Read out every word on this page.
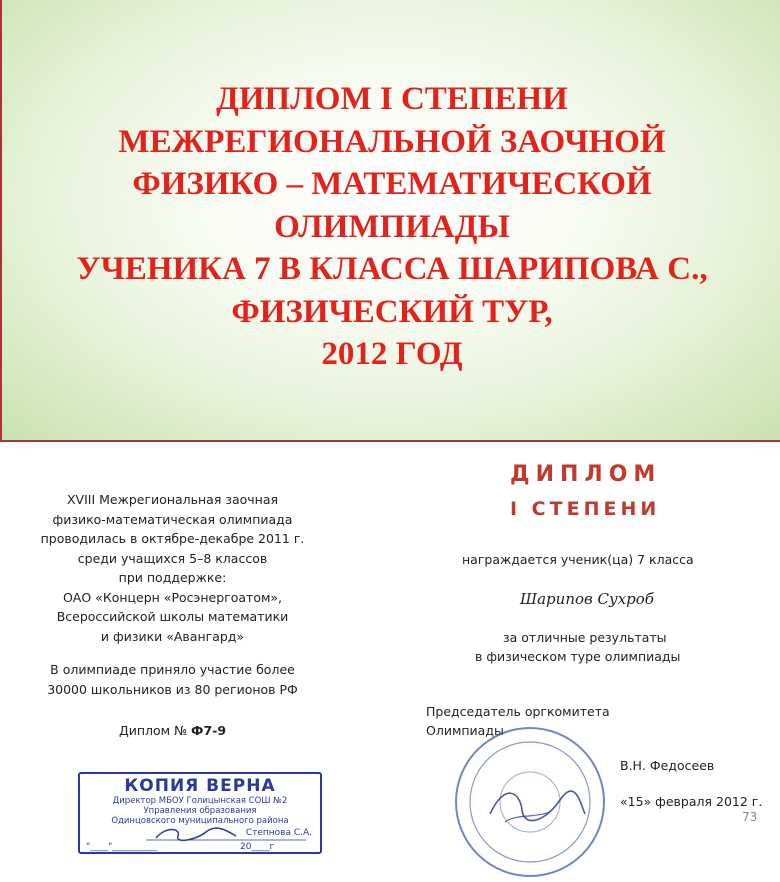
ДИПЛОМ I СТЕПЕНИ
МЕЖРЕГИОНАЛЬНОЙ ЗАОЧНОЙ
ФИЗИКО – МАТЕМАТИЧЕСКОЙ
ОЛИМПИАДЫ
УЧЕНИКА 7 В КЛАССА ШАРИПОВА С.,
ФИЗИЧЕСКИЙ ТУР,
2012 ГОД
XVIII Межрегиональная заочная
физико-математическая олимпиада
проводилась в октябре-декабре 2011 г.
среди учащихся 5–8 классов
при поддержке:
ОАО «Концерн «Росэнергоатом»,
Всероссийской школы математики
и физики «Авангард»
В олимпиаде приняло участие более
30000 школьников из 80 регионов РФ
Диплом № Ф7-9
КОПИЯ ВЕРНА
Директор МБОУ Голицынская СОШ №2
Управления образования
Одинцовского муниципального района
Степнова С.А.
"____"__________	20____г
ДИПЛОМ
I СТЕПЕНИ
награждается ученик(ца) 7 класса
Шарипов Сухроб
за отличные результаты
в физическом туре олимпиады
Председатель оргкомитета
Олимпиады
В.Н. Федосеев
«15» февраля 2012 г.
73
